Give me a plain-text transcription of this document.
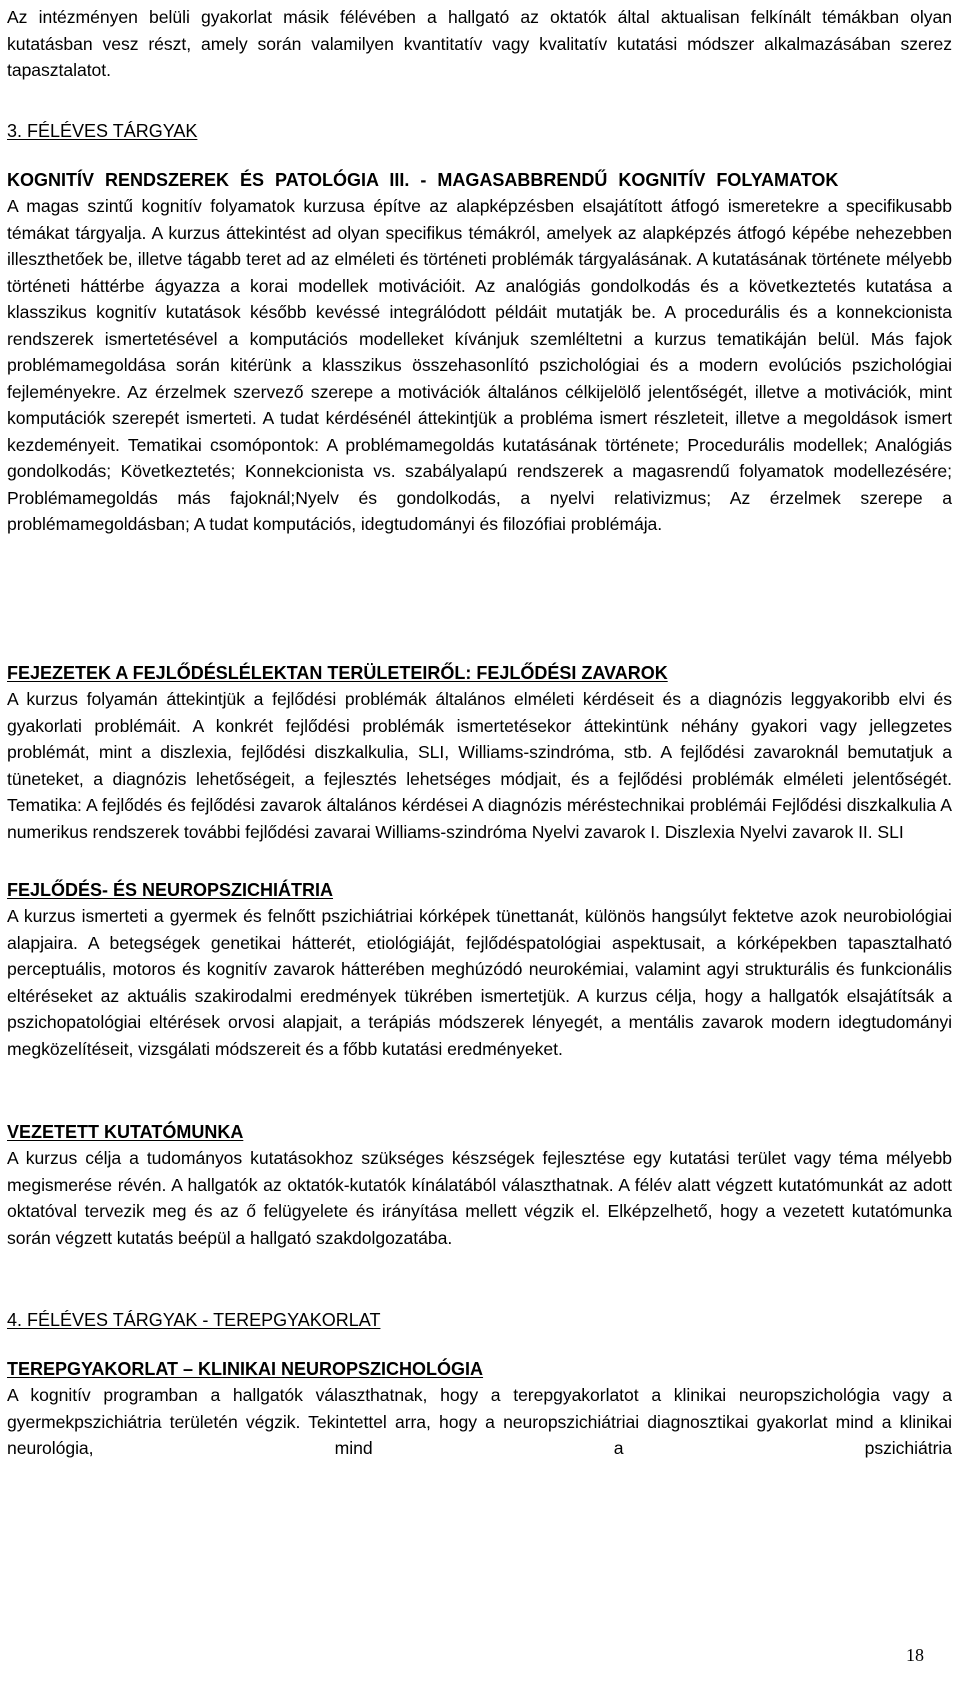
Az intézményen belüli gyakorlat másik félévében a hallgató az oktatók által aktualisan felkínált témákban olyan kutatásban vesz részt, amely során valamilyen kvantitatív vagy kvalitatív kutatási módszer alkalmazásában szerez tapasztalatot.

3. FÉLÉVES TÁRGYAK

KOGNITÍV RENDSZEREK ÉS PATOLÓGIA III. - MAGASABBRENDŰ KOGNITÍV FOLYAMATOK

A magas szintű kognitív folyamatok kurzusa építve az alapképzésben elsajátított átfogó ismeretekre a specifikusabb témákat tárgyalja. A kurzus áttekintést ad olyan specifikus témákról, amelyek az alapképzés átfogó képébe nehezebben illeszthetőek be, illetve tágabb teret ad az elméleti és történeti problémák tárgyalásának. A kutatásának története mélyebb történeti háttérbe ágyazza a korai modellek motivációit. Az analógiás gondolkodás és a következtetés kutatása a klasszikus kognitív kutatások később kevéssé integrálódott példáit mutatják be. A procedurális és a konnekcionista rendszerek ismertetésével a komputációs modelleket kívánjuk szemléltetni a kurzus tematikáján belül. Más fajok problémamegoldása során kitérünk a klasszikus összehasonlító pszichológiai és a modern evolúciós pszichológiai fejleményekre. Az érzelmek szervező szerepe a motivációk általános célkijelölő jelentőségét, illetve a motivációk, mint komputációk szerepét ismerteti. A tudat kérdésénél áttekintjük a probléma ismert részleteit, illetve a megoldások ismert kezdeményeit. Tematikai csomópontok: A problémamegoldás kutatásának története; Procedurális modellek; Analógiás gondolkodás; Következtetés; Konnekcionista vs. szabályalapú rendszerek a magasrendű folyamatok modellezésére; Problémamegoldás más fajoknál;Nyelv és gondolkodás, a nyelvi relativizmus; Az érzelmek szerepe a problémamegoldásban; A tudat komputációs, idegtudományi és filozófiai problémája.

FEJEZETEK A FEJLŐDÉSLÉLEKTAN TERÜLETEIRŐL: FEJLŐDÉSI ZAVAROK

A kurzus folyamán áttekintjük a fejlődési problémák általános elméleti kérdéseit és a diagnózis leggyakoribb elvi és gyakorlati problémáit. A konkrét fejlődési problémák ismertetésekor áttekintünk néhány gyakori vagy jellegzetes problémát, mint a diszlexia, fejlődési diszkalkulia, SLI, Williams-szindróma, stb. A fejlődési zavaroknál bemutatjuk a tüneteket, a diagnózis lehetőségeit, a fejlesztés lehetséges módjait, és a fejlődési problémák elméleti jelentőségét. Tematika: A fejlődés és fejlődési zavarok általános kérdései A diagnózis méréstechnikai problémái Fejlődési diszkalkulia A numerikus rendszerek további fejlődési zavarai Williams-szindróma Nyelvi zavarok I. Diszlexia Nyelvi zavarok II. SLI

FEJLŐDÉS- ÉS NEUROPSZICHIÁTRIA

A kurzus ismerteti a gyermek és felnőtt pszichiátriai kórképek tünettanát, különös hangsúlyt fektetve azok neurobiológiai alapjaira. A betegségek genetikai hátterét, etiológiáját, fejlődéspatológiai aspektusait, a kórképekben tapasztalható perceptuális, motoros és kognitív zavarok hátterében meghúzódó neurokémiai, valamint agyi strukturális és funkcionális eltéréseket az aktuális szakirodalmi eredmények tükrében ismertetjük. A kurzus célja, hogy a hallgatók elsajátítsák a pszichopatológiai eltérések orvosi alapjait, a terápiás módszerek lényegét, a mentális zavarok modern idegtudományi megközelítéseit, vizsgálati módszereit és a főbb kutatási eredményeket.

VEZETETT KUTATÓMUNKA

A kurzus célja a tudományos kutatásokhoz szükséges készségek fejlesztése egy kutatási terület vagy téma mélyebb megismerése révén. A hallgatók az oktatók-kutatók kínálatából választhatnak. A félév alatt végzett kutatómunkát az adott oktatóval tervezik meg és az ő felügyelete és irányítása mellett végzik el. Elképzelhető, hogy a vezetett kutatómunka során végzett kutatás beépül a hallgató szakdolgozatába.

4. FÉLÉVES TÁRGYAK - TEREPGYAKORLAT

TEREPGYAKORLAT – KLINIKAI NEUROPSZICHOLÓGIA

A kognitív programban a hallgatók választhatnak, hogy a terepgyakorlatot a klinikai neuropszichológia vagy a gyermekpszichiátria területén végzik. Tekintettel arra, hogy a neuropszichiátriai diagnosztikai gyakorlat mind a klinikai neurológia, mind a pszichiátria

18
